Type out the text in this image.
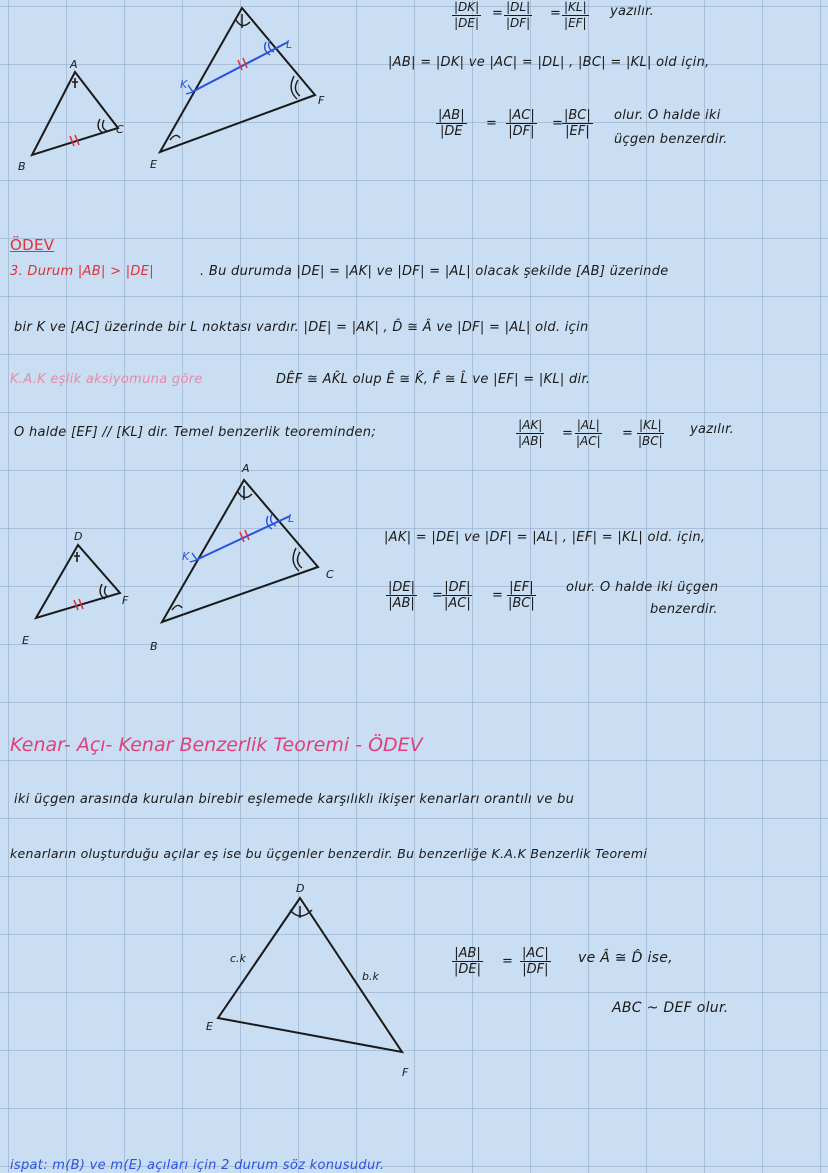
A
B
C
K
L
E
F
$\frac{|DK|}{|DE|} = \frac{|DL|}{|DF|} = \frac{|KL|}{|EF|}$ yazılır.
|AB| = |DK| ve |AC| = |DL| , |BC| = |KL| old için,
$\frac{|AB|}{|DE} = \frac{|AC|}{|DF|} = \frac{|BC|}{|EF|}$ olur. O halde iki
üçgen benzerdir.
ÖDEV
3. Durum |AB| > |DE|	. Bu durumda |DE| = |AK| ve |DF| = |AL| olacak şekilde [AB] üzerinde
bir K ve [AC] üzerinde bir L noktası vardır. |DE| = |AK| , D̂ ≅ Â ve |DF| = |AL| old. için
K.A.K eşlik aksiyomuna göre	DÊF ≅ AK̂L olup Ê ≅ K̂, F̂ ≅ L̂ ve |EF| = |KL| dir.
O halde [EF] // [KL] dir. Temel benzerlik teoreminden;	$\frac{|AK|}{|AB|} = \frac{|AL|}{|AC|} = \frac{|KL|}{|BC|}$ yazılır.
D
E
F
A
K
L
B
C
|AK| = |DE| ve |DF| = |AL| , |EF| = |KL| old. için,
$\frac{|DE|}{|AB|} = \frac{|DF|}{|AC|} = \frac{|EF|}{|BC|}$ olur. O halde iki üçgen
benzerdir.
Kenar- Açı- Kenar Benzerlik Teoremi - ÖDEV
iki üçgen arasında kurulan birebir eşlemede karşılıklı ikişer kenarları orantılı ve bu
kenarların oluşturduğu açılar eş ise bu üçgenler benzerdir. Bu benzerliğe K.A.K Benzerlik Teoremi
D
E
F
c.k
b.k	$\frac{|AB|}{|DE|} = \frac{|AC|}{|DF|}$ ve Â ≅ D̂ ise,
ABC ~ DEF olur.
ispat: m(B) ve m(E) açıları için 2 durum söz konusudur.
